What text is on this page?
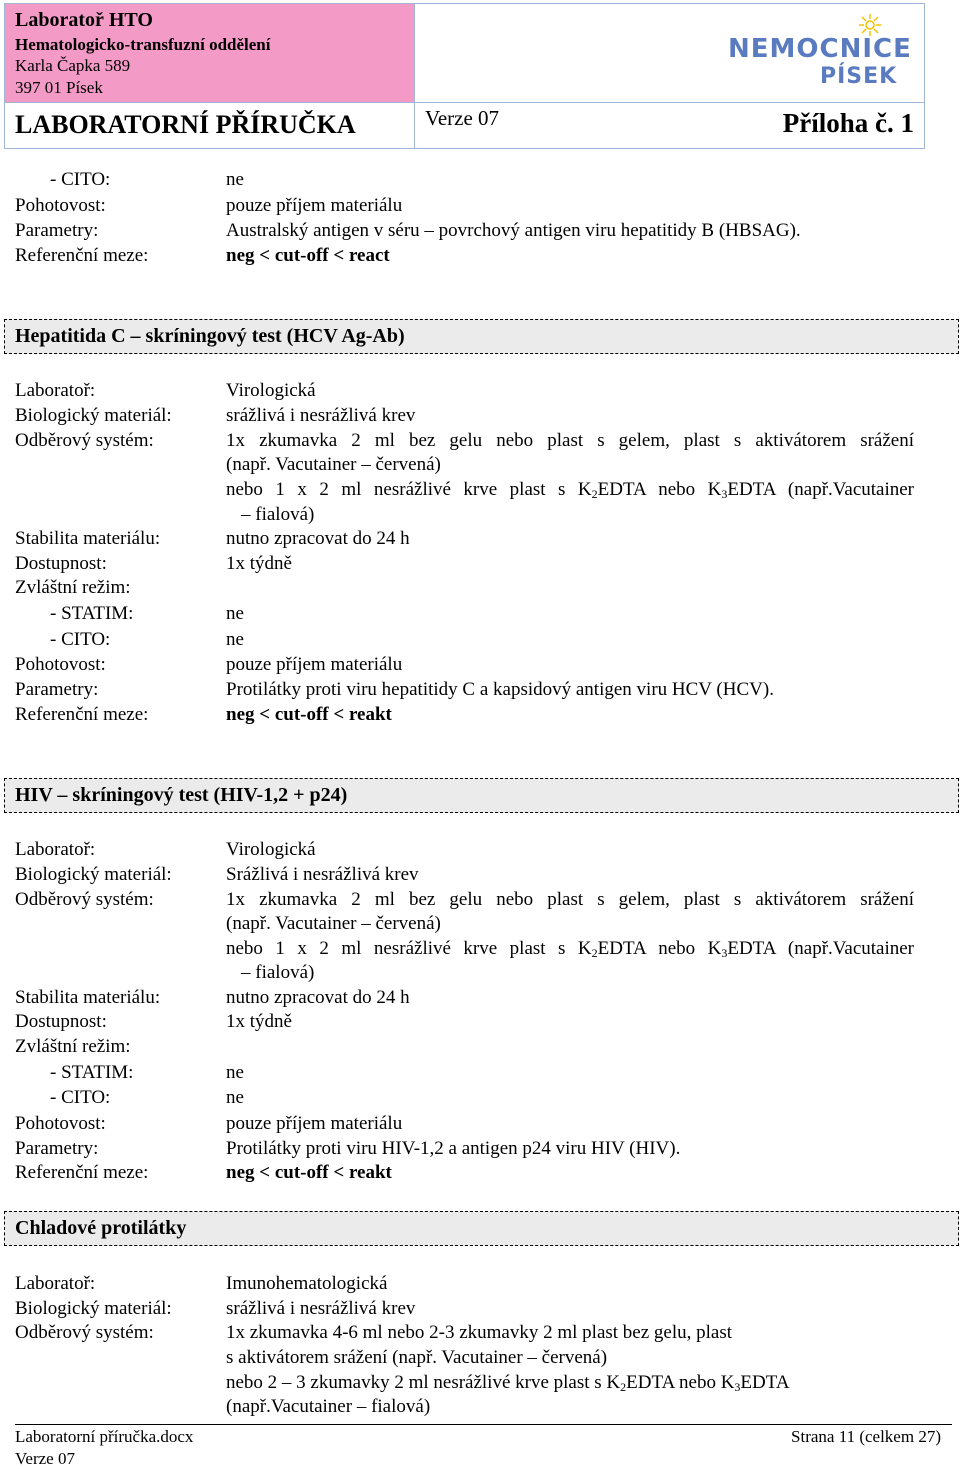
Laboratoř HTO
Hematologicko-transfuzní oddělení
Karla Čapka 589
397 01 Písek
NEMOCNICE
PÍSEK
LABORATORNÍ PŘÍRUČKA	Verze 07	Příloha č. 1
- CITO:	ne
Pohotovost:	pouze příjem materiálu
Parametry:	Australský antigen v séru – povrchový antigen viru hepatitidy B (HBSAG).
Referenční meze:	neg < cut-off < react
Hepatitida C – skríningový test (HCV Ag-Ab)
Laboratoř:	Virologická
Biologický materiál:	srážlivá i nesrážlivá krev
Odběrový systém:	1x zkumavka 2 ml bez gelu nebo plast s gelem, plast s aktivátorem srážení
(např. Vacutainer – červená)
nebo 1 x 2 ml nesrážlivé krve plast s $K_2EDTA$ nebo $K_3EDTA$ (např.Vacutainer
– fialová)
Stabilita materiálu:	nutno zpracovat do 24 h
Dostupnost:	1x týdně
Zvláštní režim:
- STATIM:	ne
- CITO:	ne
Pohotovost:	pouze příjem materiálu
Parametry:	Protilátky proti viru hepatitidy C a kapsidový antigen viru HCV (HCV).
Referenční meze:	neg < cut-off < reakt
HIV – skríningový test (HIV-1,2 + p24)
Laboratoř:	Virologická
Biologický materiál:	Srážlivá i nesrážlivá krev
Odběrový systém:	1x zkumavka 2 ml bez gelu nebo plast s gelem, plast s aktivátorem srážení
(např. Vacutainer – červená)
nebo 1 x 2 ml nesrážlivé krve plast s $K_2EDTA$ nebo $K_3EDTA$ (např.Vacutainer
– fialová)
Stabilita materiálu:	nutno zpracovat do 24 h
Dostupnost:	1x týdně
Zvláštní režim:
- STATIM:	ne
- CITO:	ne
Pohotovost:	pouze příjem materiálu
Parametry:	Protilátky proti viru HIV-1,2 a antigen p24 viru HIV (HIV).
Referenční meze:	neg < cut-off < reakt
Chladové protilátky
Laboratoř:	Imunohematologická
Biologický materiál:	srážlivá i nesrážlivá krev
Odběrový systém:	1x zkumavka 4-6 ml nebo 2-3 zkumavky 2 ml plast bez gelu, plast
s aktivátorem srážení (např. Vacutainer – červená)
nebo 2 – 3 zkumavky 2 ml nesrážlivé krve plast s $K_2EDTA$ nebo $K_3EDTA$
(např.Vacutainer – fialová)
Laboratorní příručka.docx
Verze 07
Strana 11 (celkem 27)
